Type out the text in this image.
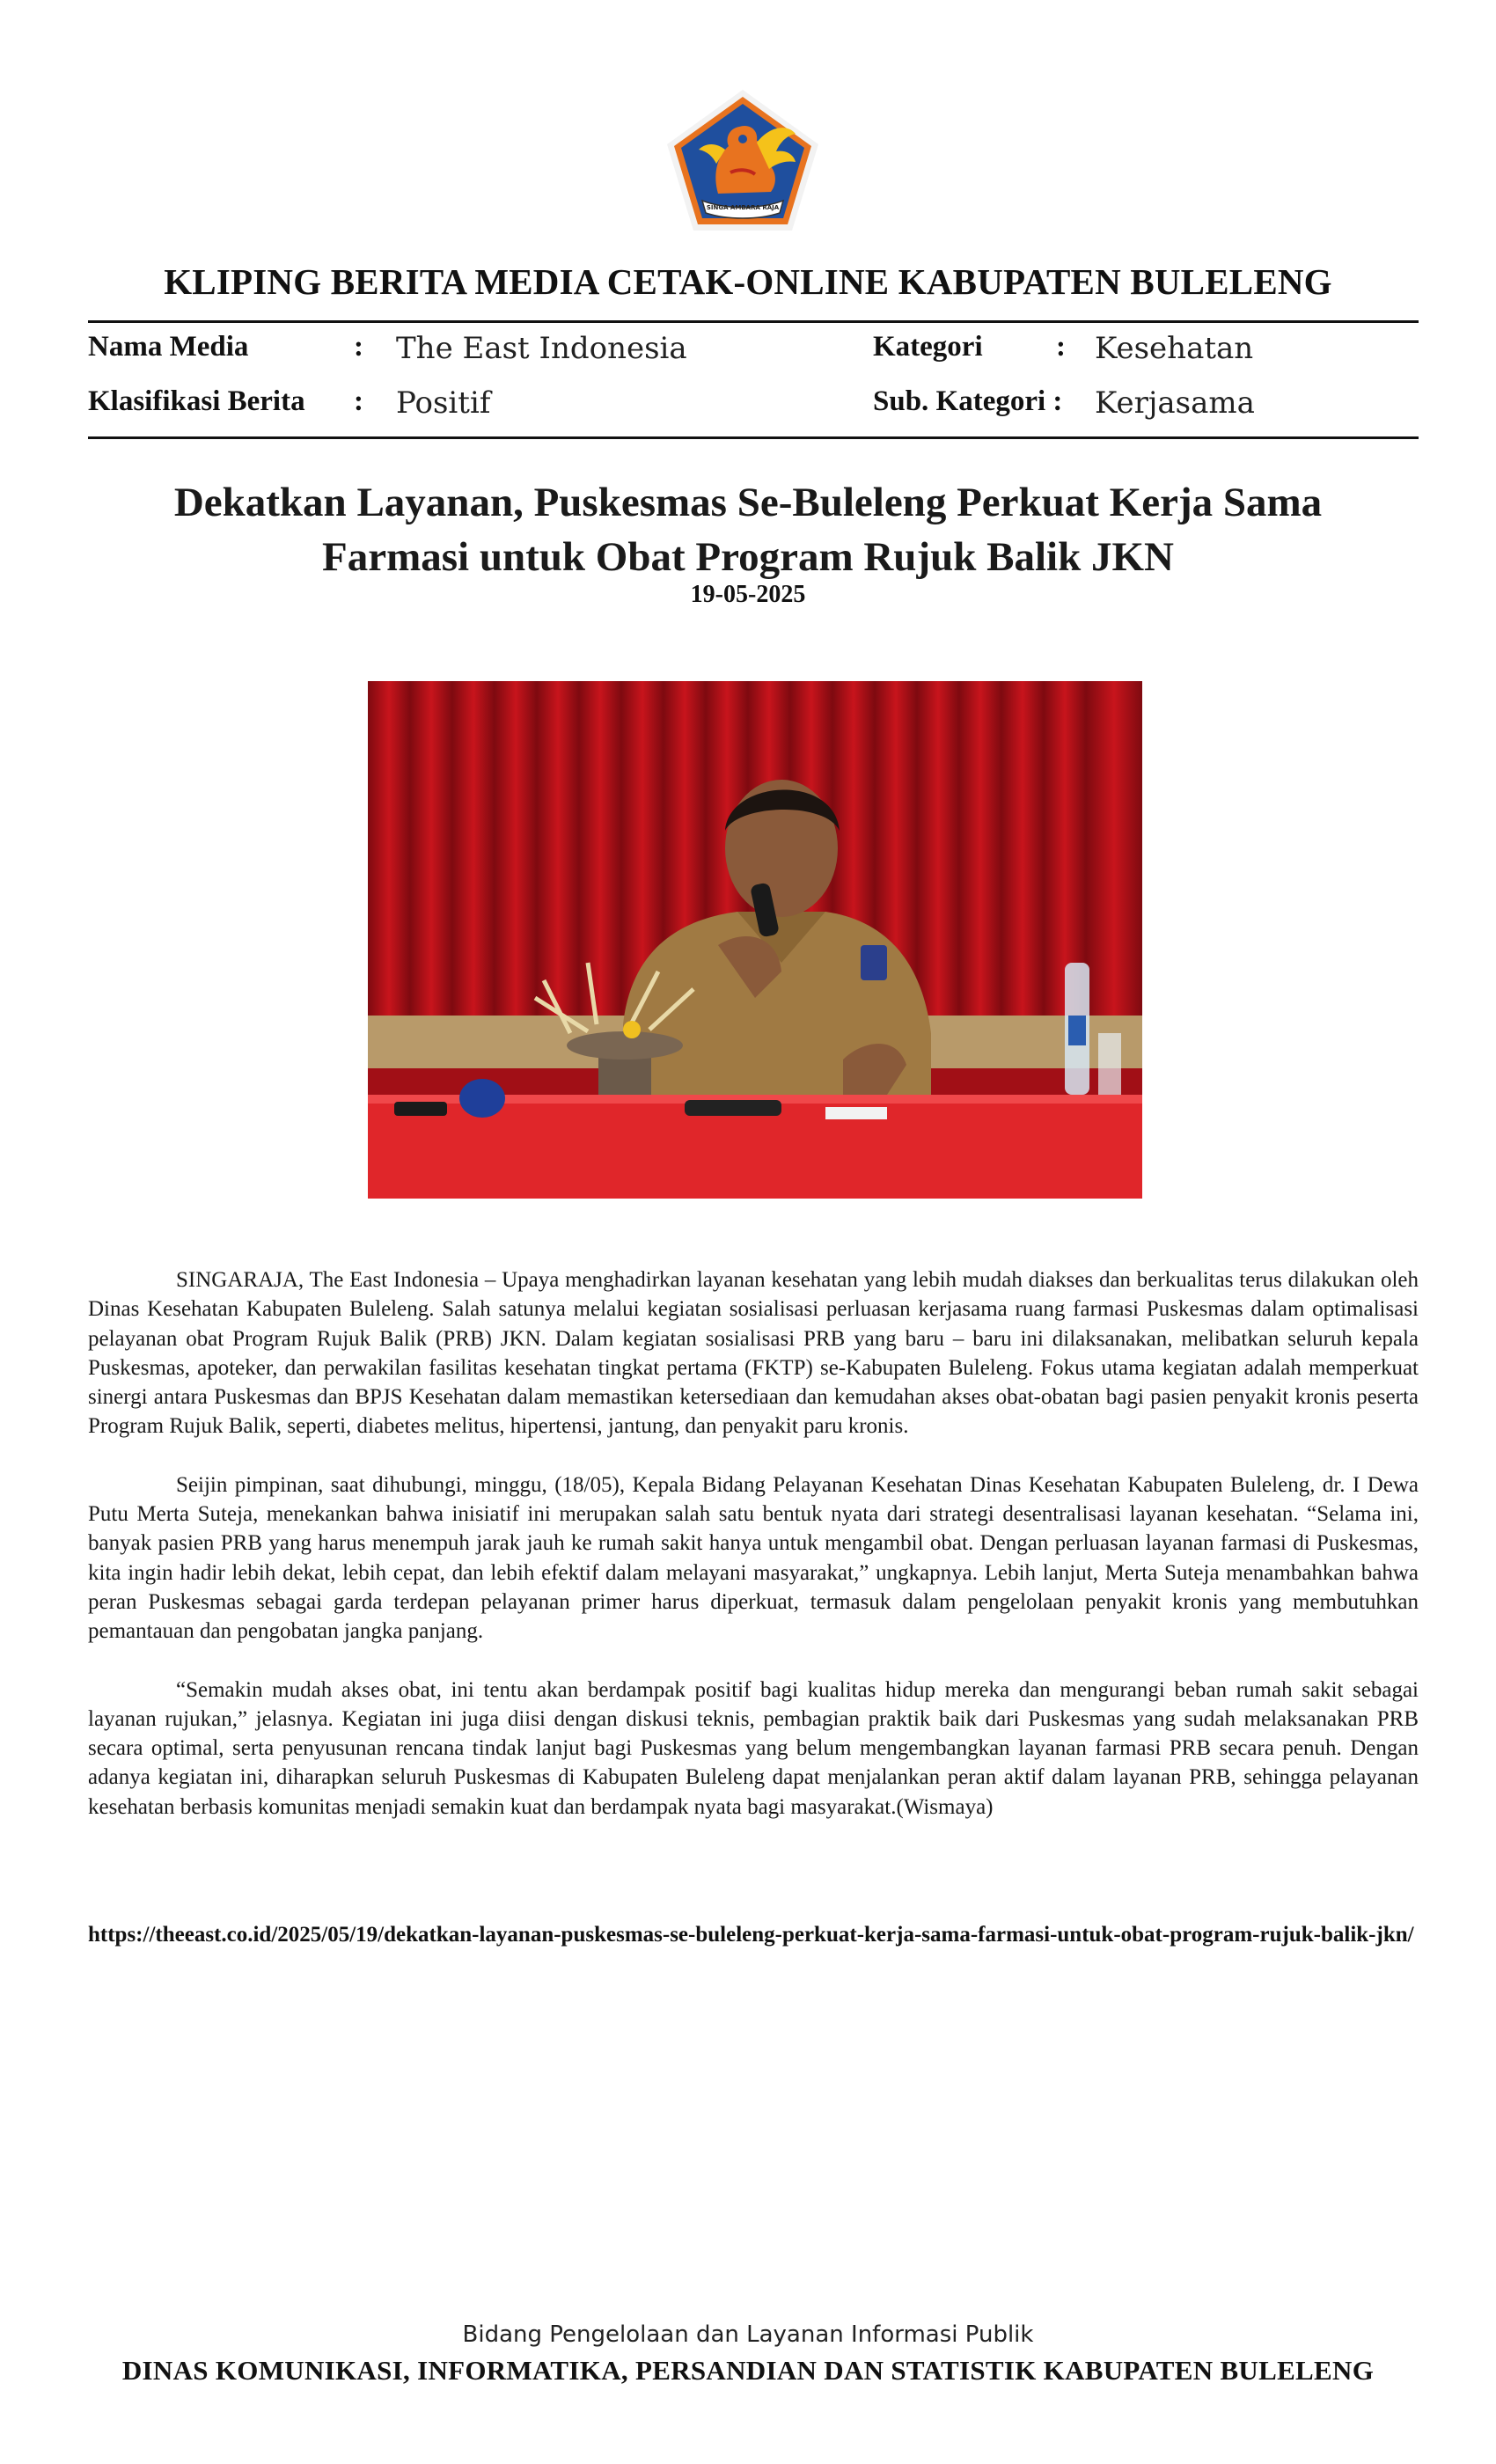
SINGA AMBARA RAJA
KLIPING BERITA MEDIA CETAK-ONLINE KABUPATEN BULELENG
Nama Media	: The East Indonesia	Kategori	: Kesehatan
Klasifikasi Berita : Positif	Sub. Kategori : Kerjasama
Dekatkan Layanan, Puskesmas Se-Buleleng Perkuat Kerja Sama
Farmasi untuk Obat Program Rujuk Balik JKN
19-05-2025

SINGARAJA, The East Indonesia – Upaya menghadirkan layanan kesehatan yang lebih mudah diakses dan berkualitas terus dilakukan oleh Dinas Kesehatan Kabupaten Buleleng. Salah satunya melalui kegiatan sosialisasi perluasan kerjasama ruang farmasi Puskesmas dalam optimalisasi pelayanan obat Program Rujuk Balik (PRB) JKN. Dalam kegiatan sosialisasi PRB yang baru – baru ini dilaksanakan, melibatkan seluruh kepala Puskesmas, apoteker, dan perwakilan fasilitas kesehatan tingkat pertama (FKTP) se-Kabupaten Buleleng. Fokus utama kegiatan adalah memperkuat sinergi antara Puskesmas dan BPJS Kesehatan dalam memastikan ketersediaan dan kemudahan akses obat-obatan bagi pasien penyakit kronis peserta Program Rujuk Balik, seperti, diabetes melitus, hipertensi, jantung, dan penyakit paru kronis.

Seijin pimpinan, saat dihubungi, minggu, (18/05), Kepala Bidang Pelayanan Kesehatan Dinas Kesehatan Kabupaten Buleleng, dr. I Dewa Putu Merta Suteja, menekankan bahwa inisiatif ini merupakan salah satu bentuk nyata dari strategi desentralisasi layanan kesehatan. “Selama ini, banyak pasien PRB yang harus menempuh jarak jauh ke rumah sakit hanya untuk mengambil obat. Dengan perluasan layanan farmasi di Puskesmas, kita ingin hadir lebih dekat, lebih cepat, dan lebih efektif dalam melayani masyarakat,” ungkapnya. Lebih lanjut, Merta Suteja menambahkan bahwa peran Puskesmas sebagai garda terdepan pelayanan primer harus diperkuat, termasuk dalam pengelolaan penyakit kronis yang membutuhkan pemantauan dan pengobatan jangka panjang.

“Semakin mudah akses obat, ini tentu akan berdampak positif bagi kualitas hidup mereka dan mengurangi beban rumah sakit sebagai layanan rujukan,” jelasnya. Kegiatan ini juga diisi dengan diskusi teknis, pembagian praktik baik dari Puskesmas yang sudah melaksanakan PRB secara optimal, serta penyusunan rencana tindak lanjut bagi Puskesmas yang belum mengembangkan layanan farmasi PRB secara penuh. Dengan adanya kegiatan ini, diharapkan seluruh Puskesmas di Kabupaten Buleleng dapat menjalankan peran aktif dalam layanan PRB, sehingga pelayanan kesehatan berbasis komunitas menjadi semakin kuat dan berdampak nyata bagi masyarakat.(Wismaya)

https://theeast.co.id/2025/05/19/dekatkan-layanan-puskesmas-se-buleleng-perkuat-kerja-sama-farmasi-untuk-obat-program-rujuk-balik-jkn/
Bidang Pengelolaan dan Layanan Informasi Publik
DINAS KOMUNIKASI, INFORMATIKA, PERSANDIAN DAN STATISTIK KABUPATEN BULELENG
